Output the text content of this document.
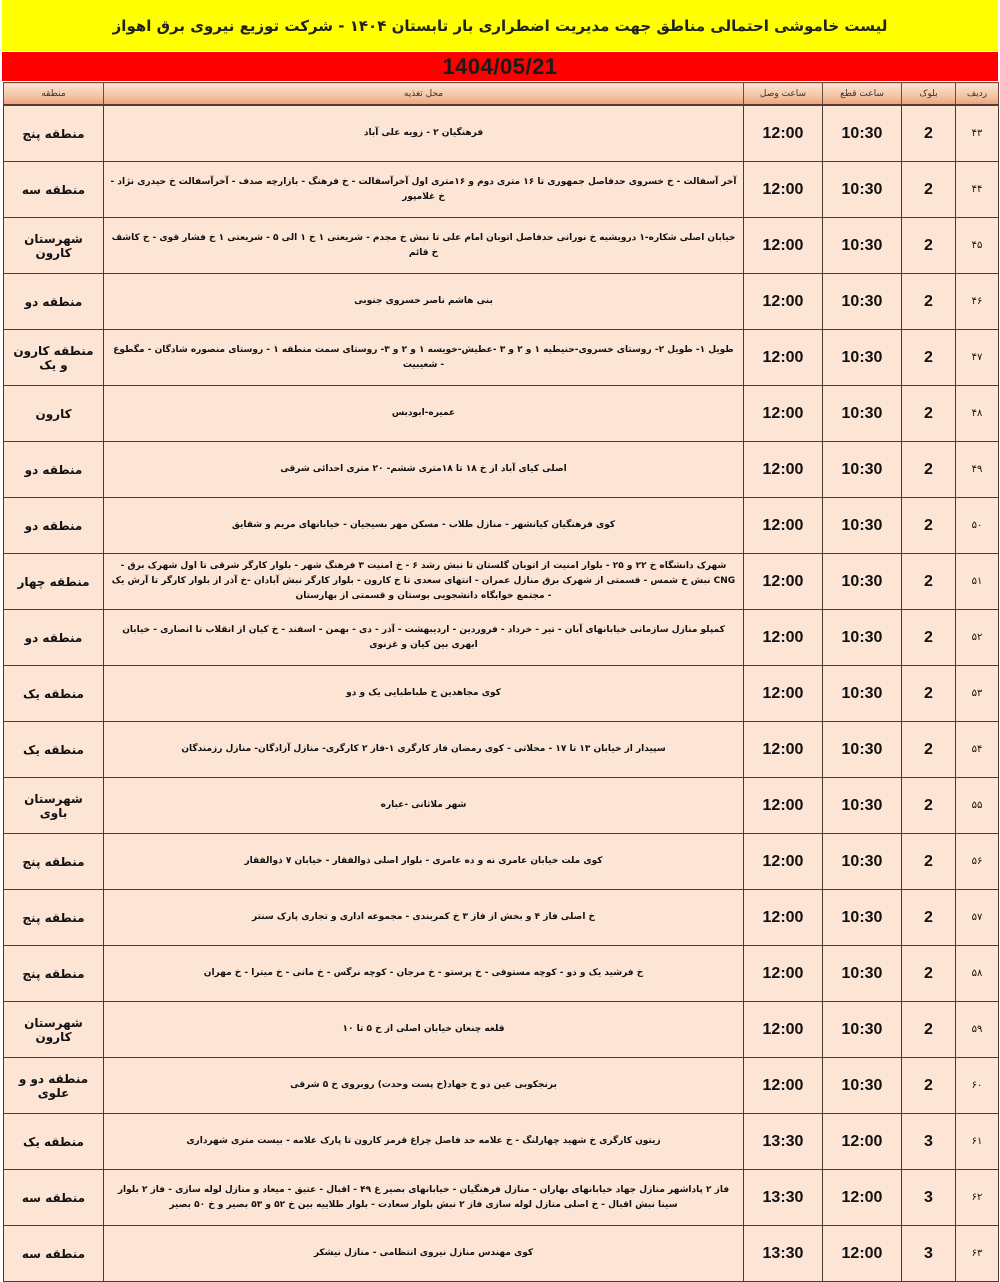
لیست خاموشی احتمالی مناطق جهت مدیریت اضطراری بار تابستان ۱۴۰۴ - شرکت توزیع نیروی برق اهواز
1404/05/21
ردیف	بلوک	ساعت قطع	ساعت وصل	محل تغذیه	منطقه
۴۳	2	10:30	12:00	فرهنگیان ۲ - زویه علی آباد	منطقه پنج
۴۴	2	10:30	12:00	آخر آسفالت - خ خسروی حدفاصل جمهوری تا ۱۶ متری دوم و ۱۶متری اول آخرآسفالت - خ فرهنگ - بازارچه صدف - آخرآسفالت خ حیدری نژاد - خ غلامپور	منطقه سه
۴۵	2	10:30	12:00	خیابان اصلی شکاره-۱ درویشیه خ نورانی حدفاصل اتوبان امام علی تا نبش خ مجدم - شریعتی ۱ خ ۱ الی ۵ - شریعتی ۱ خ فشار قوی - خ کاشف خ قائم	شهرستان کارون
۴۶	2	10:30	12:00	بنی هاشم ناصر خسروی جنوبی	منطقه دو
۴۷	2	10:30	12:00	طویل ۱- طویل ۲- روستای خسروی-حنیطیه ۱ و ۲ و ۳ -عطیش-خویسه ۱ و ۲ و ۳- روستای سمت منطقه ۱ - روستای منصوره شادگان - مگطوع - شعیبیت	منطقه کارون و یک
۴۸	2	10:30	12:00	عمیره-ابودبس	کارون
۴۹	2	10:30	12:00	اصلی کیای آباد از خ ۱۸ تا ۱۸متری ششم- ۲۰ متری احدائی شرقی	منطقه دو
۵۰	2	10:30	12:00	کوی فرهنگیان کیانشهر - منازل طلاب - مسکن مهر بسیجیان - خیابانهای مریم و شقایق	منطقه دو
۵۱	2	10:30	12:00	شهرک دانشگاه خ ۲۲ و ۲۵ - بلوار امنیت از اتوبان گلستان تا نبش رشد ۶ - خ امنیت ۳ فرهنگ شهر - بلوار کارگر شرقی تا اول شهرک برق - CNG نبش خ شمس - قسمتی از شهرک برق منازل عمران - انتهای سعدی تا خ کارون - بلوار کارگر نبش آبادان -خ آذر از بلوار کارگر تا آرش یک - مجتمع خوابگاه دانشجویی بوستان و قسمتی از بهارستان	منطقه چهار
۵۲	2	10:30	12:00	کمپلو منازل سازمانی خیابانهای آبان - تیر - خرداد - فروردین - اردیبهشت - آذر - دی - بهمن - اسفند - خ کیان از انقلاب تا انصاری - خیابان ابهری بین کیان و غزنوی	منطقه دو
۵۳	2	10:30	12:00	کوی مجاهدین خ طباطبایی یک و دو	منطقه یک
۵۴	2	10:30	12:00	سپیدار از خیابان ۱۳ تا ۱۷ - محلاتی - کوی رمضان فاز کارگری ۱-فاز ۲ کارگری- منازل آزادگان- منازل رزمندگان	منطقه یک
۵۵	2	10:30	12:00	شهر ملاثانی -عباره	شهرستان باوی
۵۶	2	10:30	12:00	کوی ملت خیابان عامری نه و ده عامری - بلوار اصلی ذوالفقار - خیابان ۷ ذوالفقار	منطقه پنج
۵۷	2	10:30	12:00	خ اصلی فاز ۴ و بخش از فاز ۳ خ کمربندی - مجموعه اداری و تجاری پارک سنتر	منطقه پنج
۵۸	2	10:30	12:00	خ فرشید یک و دو - کوچه مستوفی - خ پرستو - خ مرجان - کوچه نرگس - خ مانی - خ میترا - خ مهران	منطقه پنج
۵۹	2	10:30	12:00	قلعه چنعان خیابان اصلی از خ ۵ تا ۱۰	شهرستان کارون
۶۰	2	10:30	12:00	برنجکوبی عین دو خ جهاد(خ پست وحدت) روبروی خ ۵ شرقی	منطقه دو و علوی
۶۱	3	12:00	13:30	زیتون کارگری خ شهید چهارلنگ - خ علامه حد فاصل چراغ قرمز کارون تا پارک علامه - بیست متری شهرداری	منطقه یک
۶۲	3	12:00	13:30	فاز ۲ پاداشهر منازل جهاد خیابانهای بهاران - منازل فرهنگیان - خیابانهای بصیر غ ۴۹ - اقبال - عتیق - میعاد و منازل لوله سازی - فاز ۲ بلوار سینا نبش اقبال - خ اصلی منازل لوله سازی فاز ۲ نبش بلوار سعادت - بلوار طلاییه بین خ ۵۲ و ۵۳ بصیر و خ ۵۰ بصیر	منطقه سه
۶۳	3	12:00	13:30	کوی مهندس منازل نیروی انتظامی - منازل نیشکر	منطقه سه
